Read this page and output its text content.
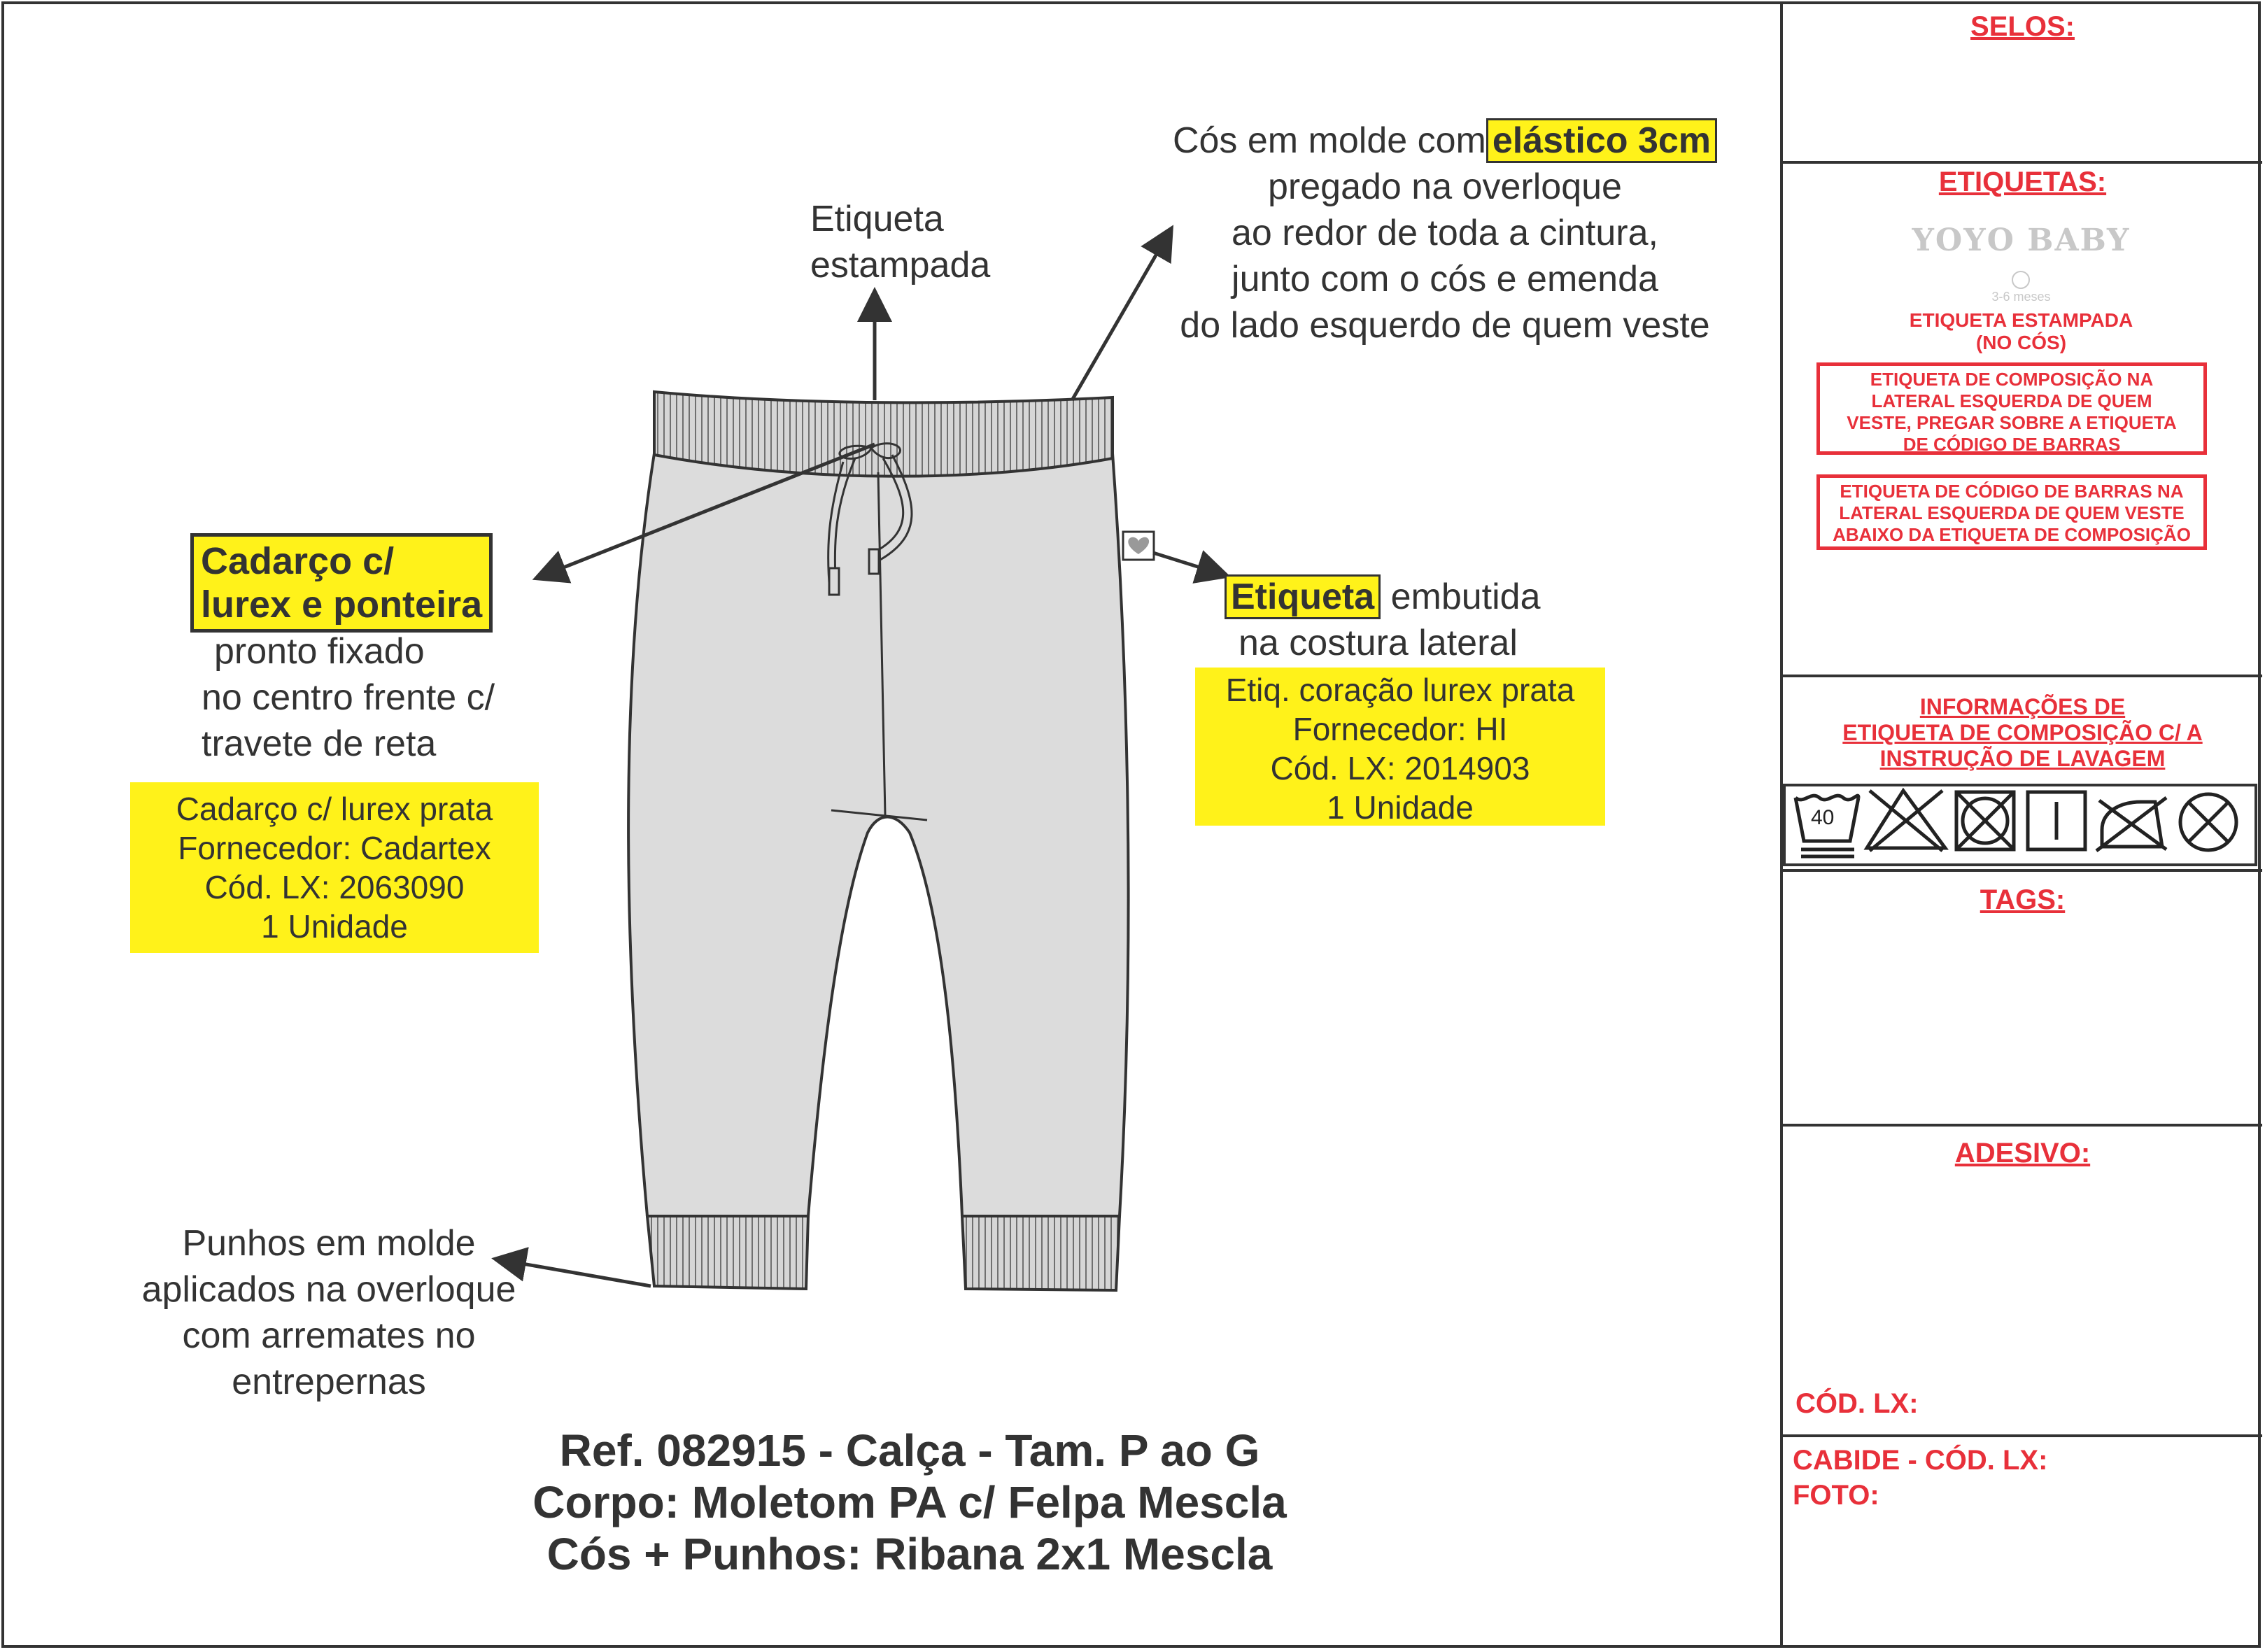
Cós em molde com elástico 3cm
pregado na overloque
ao redor de toda a cintura,
junto com o cós e emenda
do lado esquerdo de quem veste
Etiqueta
estampada
Cadarço c/
lurex e ponteira
pronto fixado
no centro frente c/
travete de reta
Cadarço c/ lurex prata
Fornecedor: Cadartex
Cód. LX: 2063090
1 Unidade
Etiqueta embutida
na costura lateral
Etiq. coração lurex prata
Fornecedor: HI
Cód. LX: 2014903
1 Unidade
Punhos em molde
aplicados na overloque
com arremates no
entrepernas
Ref. 082915 - Calça - Tam. P ao G
Corpo: Moletom PA c/ Felpa Mescla
Cós + Punhos: Ribana 2x1 Mescla
SELOS:
ETIQUETAS:
INFORMAÇÕES DE
ETIQUETA DE COMPOSIÇÃO C/ A
INSTRUÇÃO DE LAVAGEM
TAGS:
ADESIVO:
CÓD. LX:
CABIDE - CÓD. LX:
FOTO:
YOYO BABY
3-6 meses
ETIQUETA ESTAMPADA
(NO CÓS)
ETIQUETA DE COMPOSIÇÃO NA
LATERAL ESQUERDA DE QUEM
VESTE, PREGAR SOBRE A ETIQUETA
DE CÓDIGO DE BARRAS
ETIQUETA DE CÓDIGO DE BARRAS NA
LATERAL ESQUERDA DE QUEM VESTE
ABAIXO DA ETIQUETA DE COMPOSIÇÃO
40
